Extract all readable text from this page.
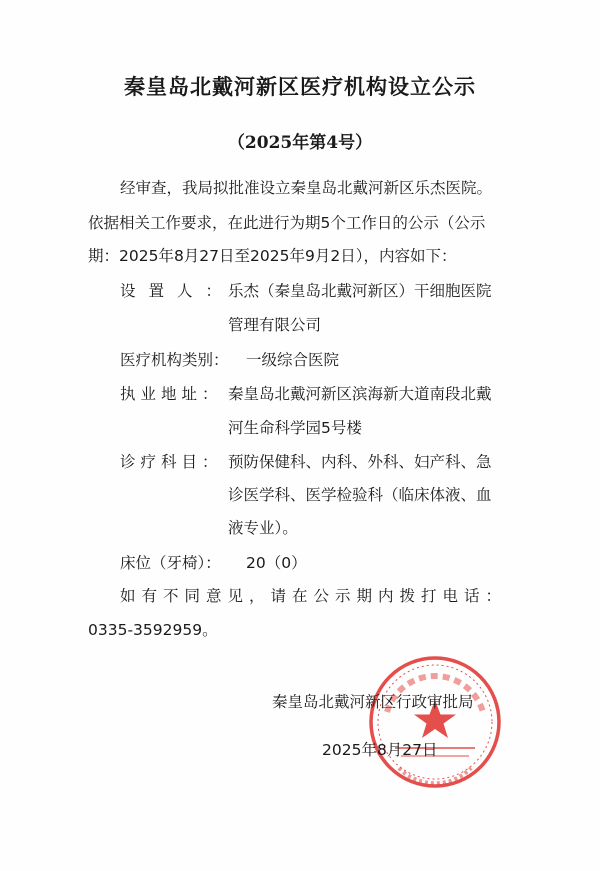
秦皇岛北戴河新区医疗机构设立公示
（2025年第4号）
经审查，我局拟批准设立秦皇岛北戴河新区乐杰医院。
依据相关工作要求，在此进行为期5个工作日的公示（公示
期：2025年8月27日至2025年9月2日），内容如下：
设置人：
乐杰（秦皇岛北戴河新区）干细胞医院
管理有限公司
医疗机构类别： 一级综合医院
执业地址： 秦皇岛北戴河新区滨海新大道南段北戴
河生命科学园5号楼
诊疗科目： 预防保健科、内科、外科、妇产科、急
诊医学科、医学检验科（临床体液、血
液专业）。
床位（牙椅）： 20（0）
如有不同意见，请在公示期内拨打电话：
0335-3592959。
秦皇岛北戴河新区行政审批局
2025年8月27日
